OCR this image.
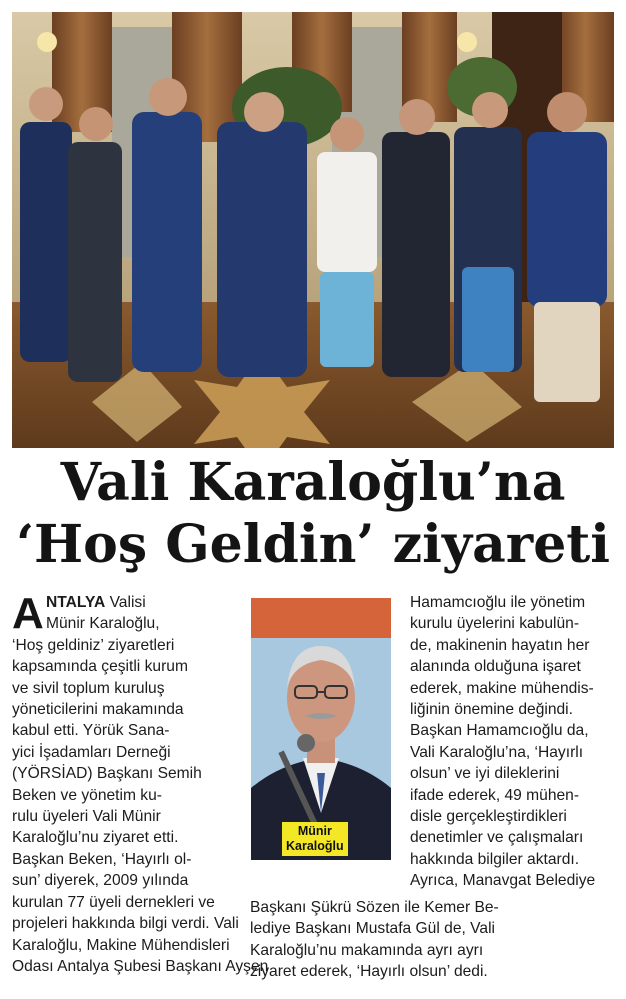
Vali Karaloğlu’na
‘Hoş Geldin’ ziyareti
A NTALYA Valisi
Münir Karaloğlu,
‘Hoş geldiniz’ ziyaretleri
kapsamında çeşitli kurum
ve sivil toplum kuruluş
yöneticilerini makamında
kabul etti. Yörük Sana-
yici İşadamları Derneği
(YÖRSİAD) Başkanı Semih
Beken ve yönetim ku-
rulu üyeleri Vali Münir
Karaloğlu’nu ziyaret etti.
Başkan Beken, ‘Hayırlı ol-
sun’ diyerek, 2009 yılında
kurulan 77 üyeli dernekleri ve
projeleri hakkında bilgi verdi. Vali
Karaloğlu, Makine Mühendisleri
Odası Antalya Şubesi Başkanı Ayşen
Münir
Karaloğlu
Hamamcıoğlu ile yönetim
kurulu üyelerini kabulün-
de, makinenin hayatın her
alanında olduğuna işaret
ederek, makine mühendis-
liğinin önemine değindi.
Başkan Hamamcıoğlu da,
Vali Karaloğlu’na, ‘Hayırlı
olsun’ ve iyi dileklerini
ifade ederek, 49 mühen-
disle gerçekleştirdikleri
denetimler ve çalışmaları
hakkında bilgiler aktardı.
Ayrıca, Manavgat Belediye
Başkanı Şükrü Sözen ile Kemer Be-
lediye Başkanı Mustafa Gül de, Vali
Karaloğlu’nu makamında ayrı ayrı
ziyaret ederek, ‘Hayırlı olsun’ dedi.
